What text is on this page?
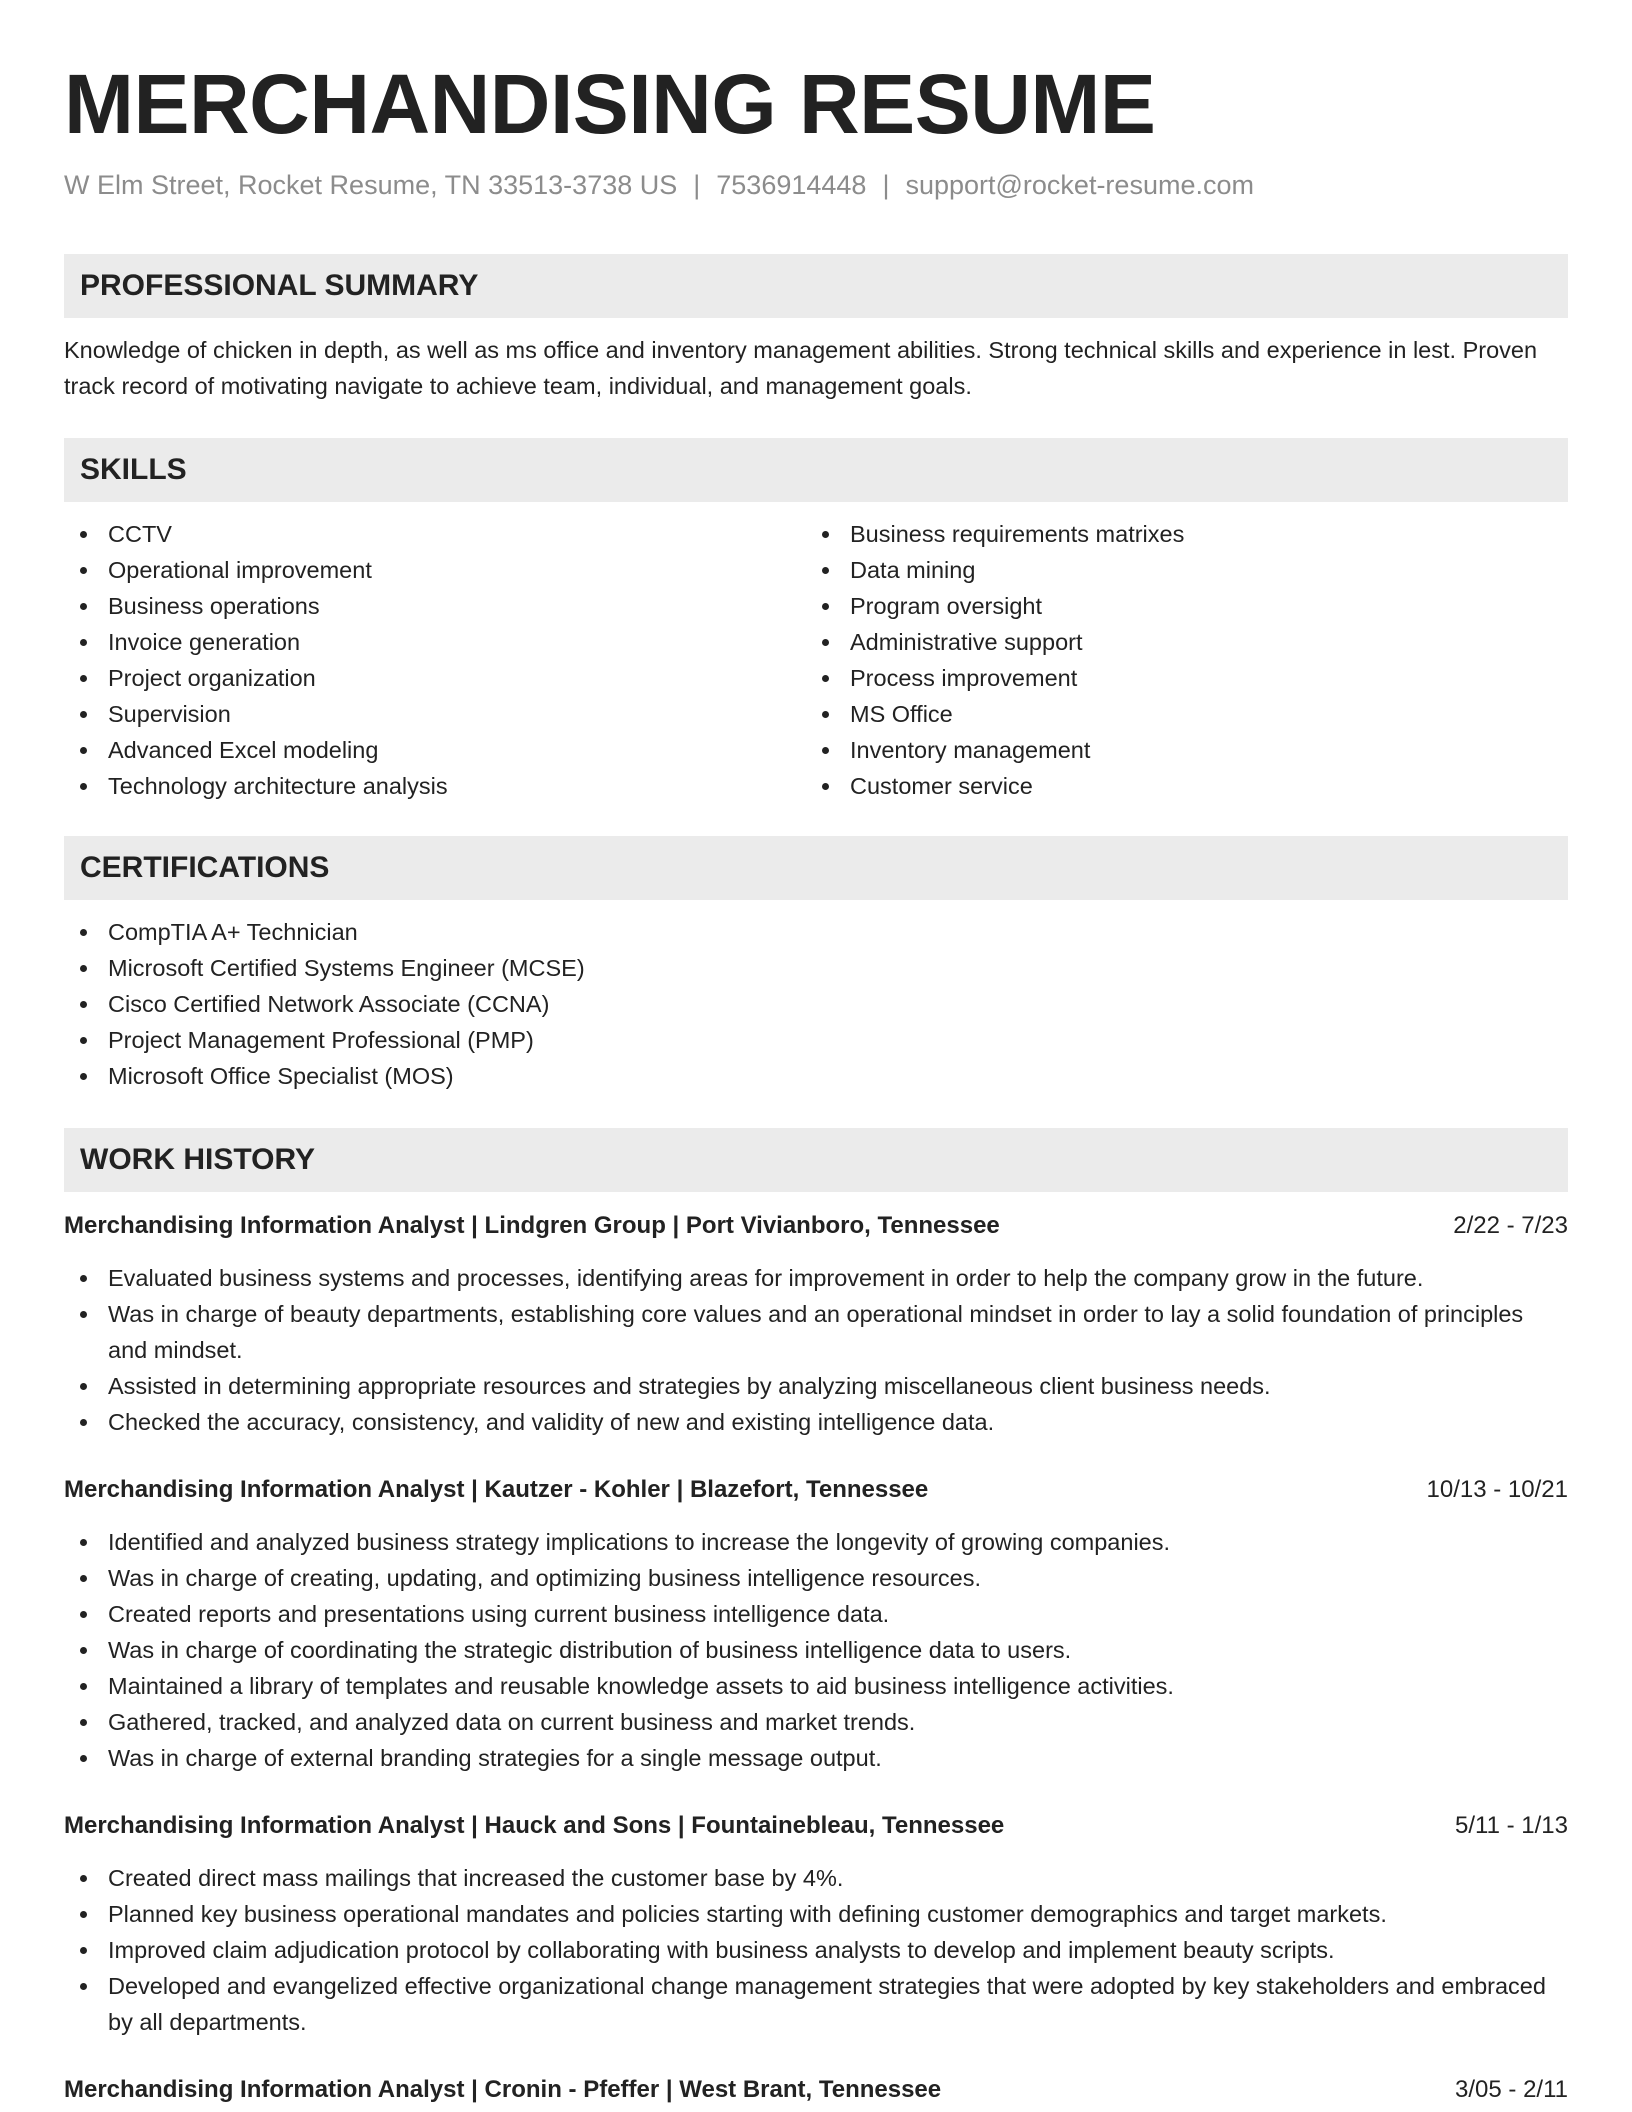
MERCHANDISING RESUME
W Elm Street, Rocket Resume, TN 33513-3738 US | 7536914448 | support@rocket-resume.com
PROFESSIONAL SUMMARY

Knowledge of chicken in depth, as well as ms office and inventory management abilities. Strong technical skills and experience in lest. Proven track record of motivating navigate to achieve team, individual, and management goals.

SKILLS
CCTV
Operational improvement
Business operations
Invoice generation
Project organization
Supervision
Advanced Excel modeling
Technology architecture analysis
Business requirements matrixes
Data mining
Program oversight
Administrative support
Process improvement
MS Office
Inventory management
Customer service
CERTIFICATIONS
CompTIA A+ Technician
Microsoft Certified Systems Engineer (MCSE)
Cisco Certified Network Associate (CCNA)
Project Management Professional (PMP)
Microsoft Office Specialist (MOS)
WORK HISTORY
Merchandising Information Analyst | Lindgren Group | Port Vivianboro, Tennessee	2/22 - 7/23
Evaluated business systems and processes, identifying areas for improvement in order to help the company grow in the future.
Was in charge of beauty departments, establishing core values and an operational mindset in order to lay a solid foundation of principles and mindset.
Assisted in determining appropriate resources and strategies by analyzing miscellaneous client business needs.
Checked the accuracy, consistency, and validity of new and existing intelligence data.
Merchandising Information Analyst | Kautzer - Kohler | Blazefort, Tennessee	10/13 - 10/21
Identified and analyzed business strategy implications to increase the longevity of growing companies.
Was in charge of creating, updating, and optimizing business intelligence resources.
Created reports and presentations using current business intelligence data.
Was in charge of coordinating the strategic distribution of business intelligence data to users.
Maintained a library of templates and reusable knowledge assets to aid business intelligence activities.
Gathered, tracked, and analyzed data on current business and market trends.
Was in charge of external branding strategies for a single message output.
Merchandising Information Analyst | Hauck and Sons | Fountainebleau, Tennessee	5/11 - 1/13
Created direct mass mailings that increased the customer base by 4%.
Planned key business operational mandates and policies starting with defining customer demographics and target markets.
Improved claim adjudication protocol by collaborating with business analysts to develop and implement beauty scripts.
Developed and evangelized effective organizational change management strategies that were adopted by key stakeholders and embraced by all departments.
Merchandising Information Analyst | Cronin - Pfeffer | West Brant, Tennessee	3/05 - 2/11
